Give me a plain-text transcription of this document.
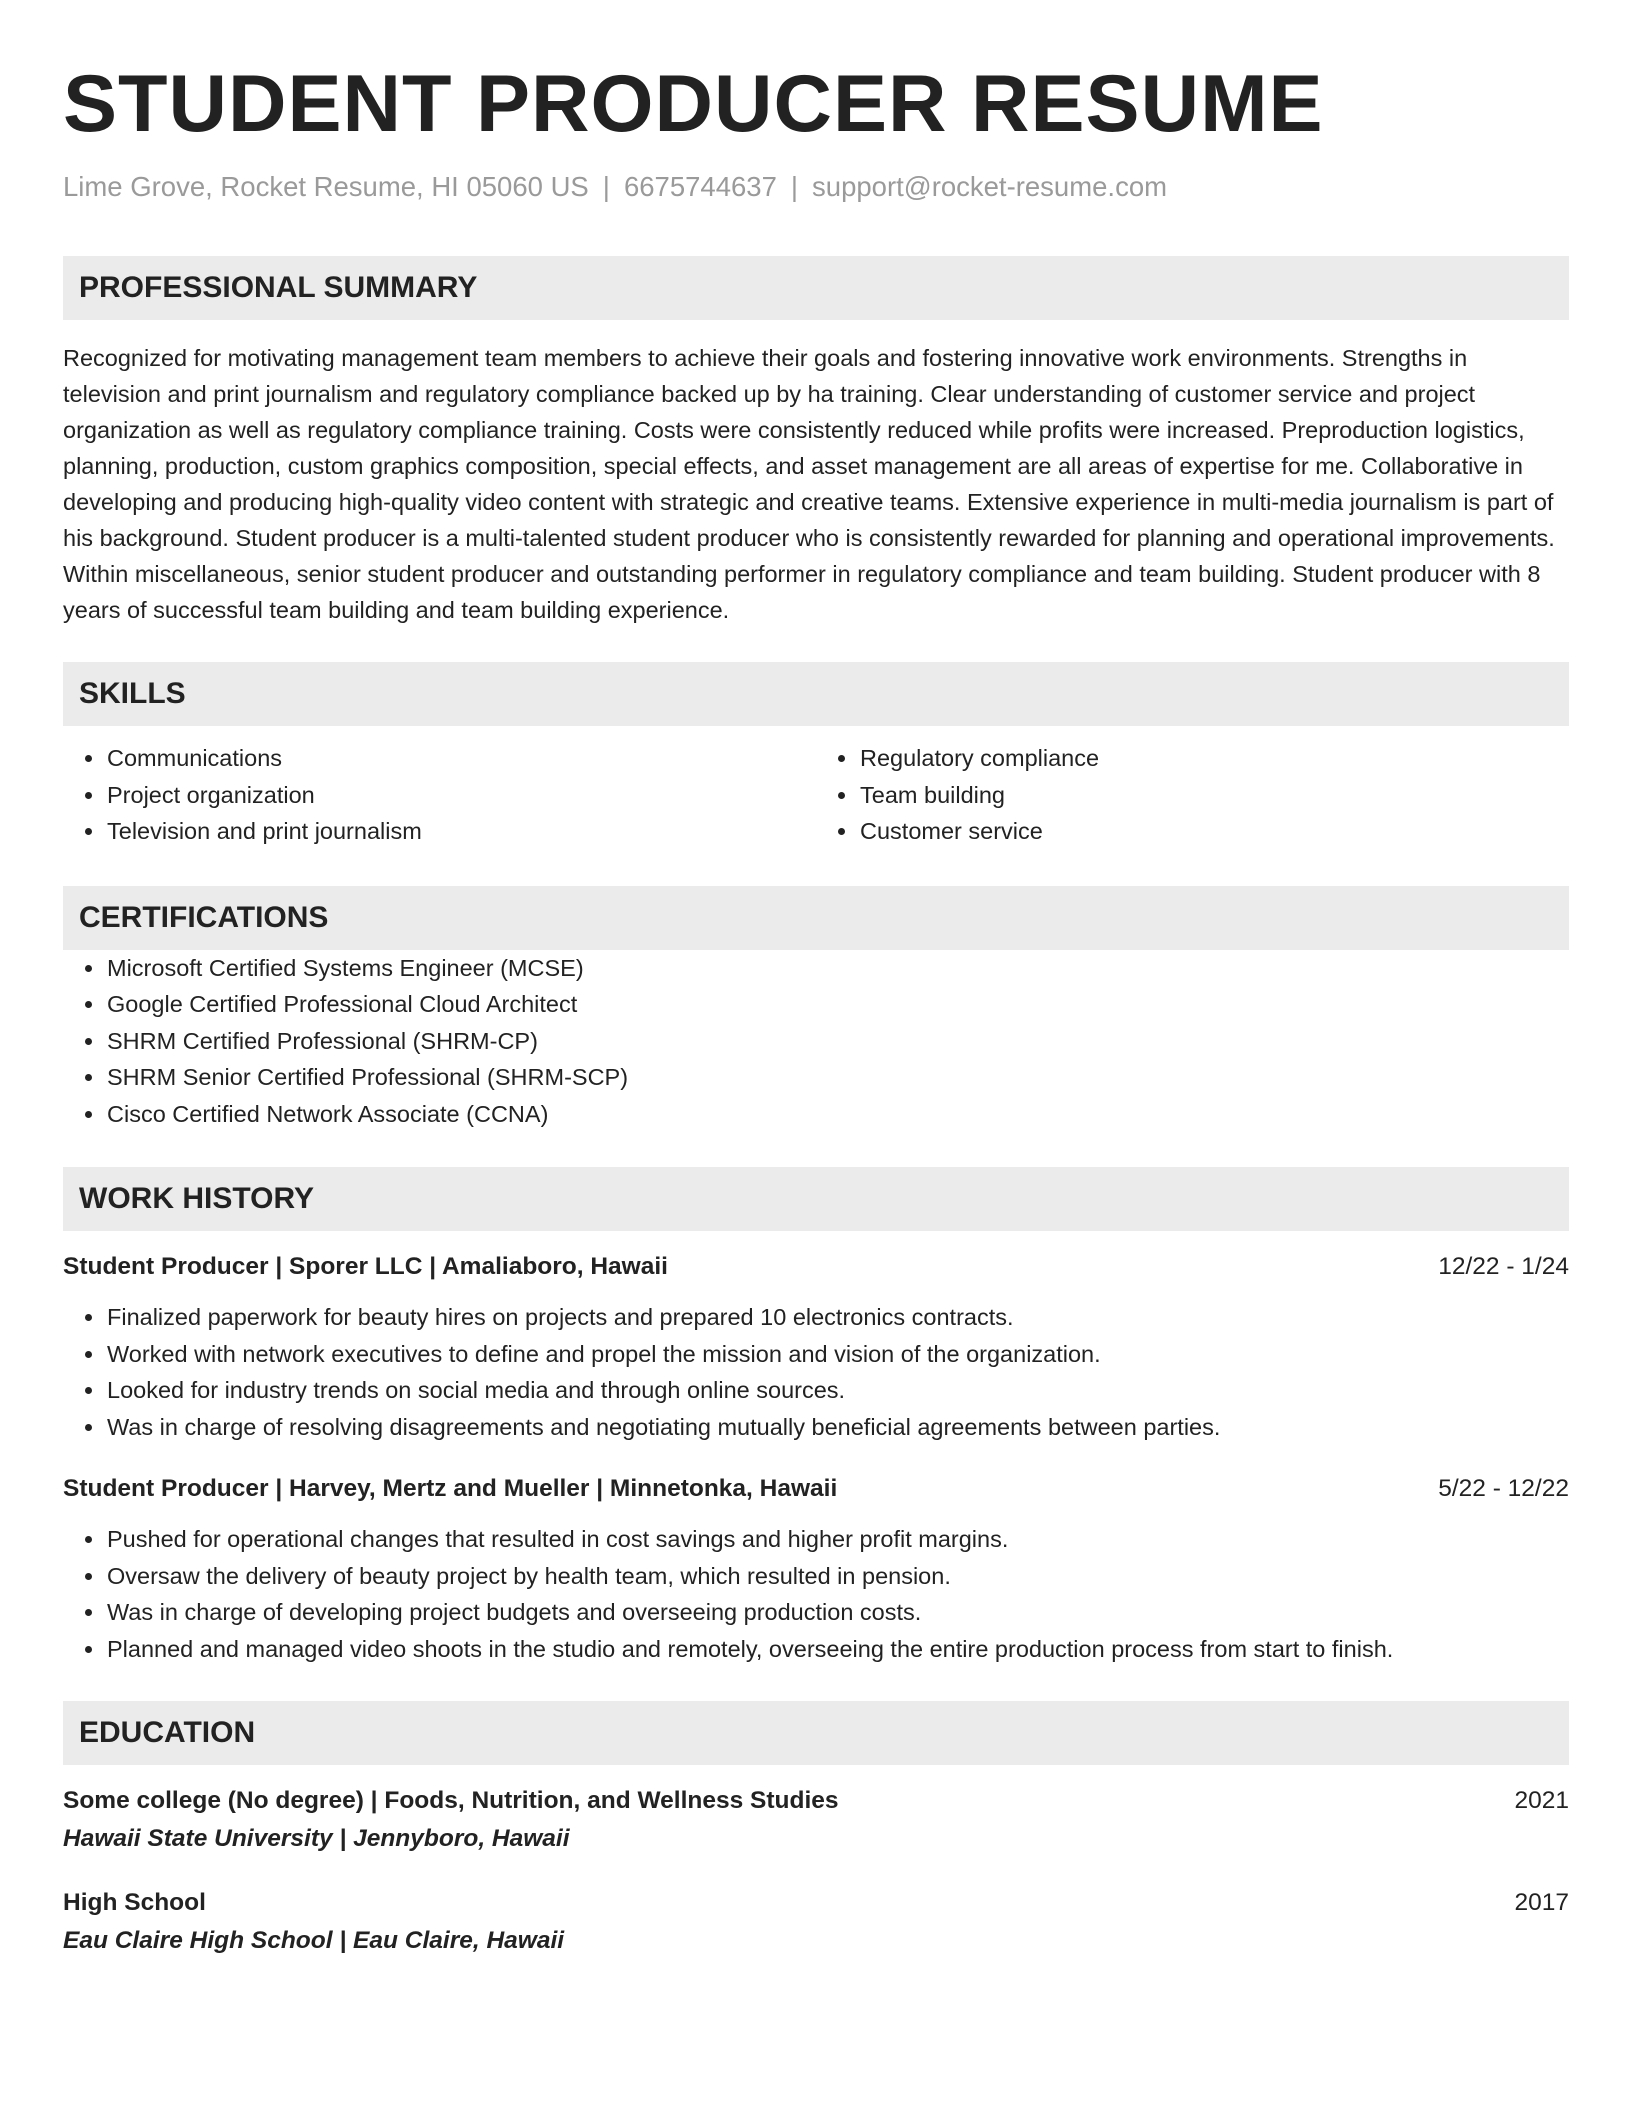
STUDENT PRODUCER RESUME
Lime Grove, Rocket Resume, HI 05060 US | 6675744637 | support@rocket-resume.com
PROFESSIONAL SUMMARY

Recognized for motivating management team members to achieve their goals and fostering innovative work environments. Strengths in television and print journalism and regulatory compliance backed up by ha training. Clear understanding of customer service and project organization as well as regulatory compliance training. Costs were consistently reduced while profits were increased. Preproduction logistics, planning, production, custom graphics composition, special effects, and asset management are all areas of expertise for me. Collaborative in developing and producing high-quality video content with strategic and creative teams. Extensive experience in multi-media journalism is part of his background. Student producer is a multi-talented student producer who is consistently rewarded for planning and operational improvements. Within miscellaneous, senior student producer and outstanding performer in regulatory compliance and team building. Student producer with 8 years of successful team building and team building experience.

SKILLS
• Communications
• Project organization
• Television and print journalism
• Regulatory compliance
• Team building
• Customer service
CERTIFICATIONS
• Microsoft Certified Systems Engineer (MCSE)
• Google Certified Professional Cloud Architect
• SHRM Certified Professional (SHRM-CP)
• SHRM Senior Certified Professional (SHRM-SCP)
• Cisco Certified Network Associate (CCNA)
WORK HISTORY
Student Producer | Sporer LLC | Amaliaboro, Hawaii	12/22 - 1/24
• Finalized paperwork for beauty hires on projects and prepared 10 electronics contracts.
• Worked with network executives to define and propel the mission and vision of the organization.
• Looked for industry trends on social media and through online sources.
• Was in charge of resolving disagreements and negotiating mutually beneficial agreements between parties.
Student Producer | Harvey, Mertz and Mueller | Minnetonka, Hawaii	5/22 - 12/22
• Pushed for operational changes that resulted in cost savings and higher profit margins.
• Oversaw the delivery of beauty project by health team, which resulted in pension.
• Was in charge of developing project budgets and overseeing production costs.
• Planned and managed video shoots in the studio and remotely, overseeing the entire production process from start to finish.
EDUCATION
Some college (No degree) | Foods, Nutrition, and Wellness Studies	2021
Hawaii State University | Jennyboro, Hawaii
High School	2017
Eau Claire High School | Eau Claire, Hawaii
